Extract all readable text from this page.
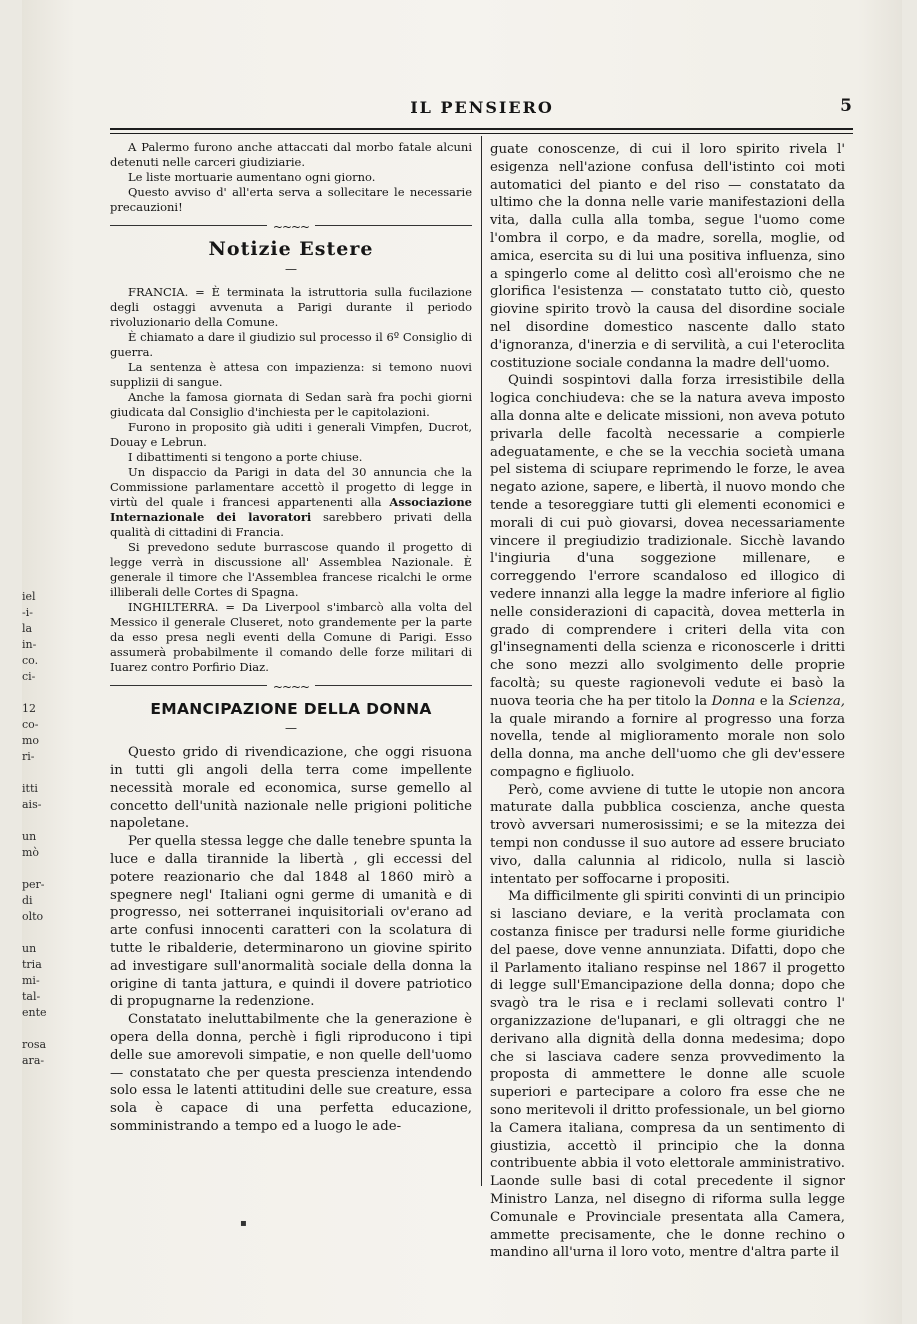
iel
-i-
la
in-
co.
ci-

12
co-
mo
ri-

itti
ais-

un
mò

per-
di
olto

un
tria
mi-
tal-
ente

rosa
ara-
IL PENSIERO	5

A Palermo furono anche attaccati dal morbo fatale alcuni detenuti nelle carceri giudiziarie.

Le liste mortuarie aumentano ogni giorno.

Questo avviso d' all'erta serva a sollecitare le necessarie precauzioni!

~~~~
Notizie Estere
—

FRANCIA. = È terminata la istruttoria sulla fucilazione degli ostaggi avvenuta a Parigi durante il periodo rivoluzionario della Comune.

È chiamato a dare il giudizio sul processo il 6º Consiglio di guerra.

La sentenza è attesa con impazienza: si temono nuovi supplizii di sangue.

Anche la famosa giornata di Sedan sarà fra pochi giorni giudicata dal Consiglio d'inchiesta per le capitolazioni.

Furono in proposito già uditi i generali Vimpfen, Ducrot, Douay e Lebrun.

I dibattimenti si tengono a porte chiuse.

Un dispaccio da Parigi in data del 30 annuncia che la Commissione parlamentare accettò il progetto di legge in virtù del quale i francesi appartenenti alla Associazione Internazionale dei lavoratori sarebbero privati della qualità di cittadini di Francia.

Si prevedono sedute burrascose quando il progetto di legge verrà in discussione all' Assemblea Nazionale. È generale il timore che l'Assemblea francese ricalchi le orme illiberali delle Cortes di Spagna.

INGHILTERRA. = Da Liverpool s'imbarcò alla volta del Messico il generale Cluseret, noto grandemente per la parte da esso presa negli eventi della Comune di Parigi. Esso assumerà probabilmente il comando delle forze militari di Iuarez contro Porfirio Diaz.

~~~~
EMANCIPAZIONE DELLA DONNA
—

Questo grido di rivendicazione, che oggi risuona in tutti gli angoli della terra come impellente necessità morale ed economica, surse gemello al concetto dell'unità nazionale nelle prigioni politiche napoletane.

Per quella stessa legge che dalle tenebre spunta la luce e dalla tirannide la libertà , gli eccessi del potere reazionario che dal 1848 al 1860 mirò a spegnere negl' Italiani ogni germe di umanità e di progresso, nei sotterranei inquisitoriali ov'erano ad arte confusi innocenti caratteri con la scolatura di tutte le ribalderie, determinarono un giovine spirito ad investigare sull'anormalità sociale della donna la origine di tanta jattura, e quindi il dovere patriotico di propugnarne la redenzione.

Constatato ineluttabilmente che la generazione è opera della donna, perchè i figli riproducono i tipi delle sue amorevoli simpatie, e non quelle dell'uomo — constatato che per questa prescienza intendendo solo essa le latenti attitudini delle sue creature, essa sola è capace di una perfetta educazione, somministrando a tempo ed a luogo le ade-

guate conoscenze, di cui il loro spirito rivela l' esigenza nell'azione confusa dell'istinto coi moti automatici del pianto e del riso — constatato da ultimo che la donna nelle varie manifestazioni della vita, dalla culla alla tomba, segue l'uomo come l'ombra il corpo, e da madre, sorella, moglie, od amica, esercita su di lui una positiva influenza, sino a spingerlo come al delitto così all'eroismo che ne glorifica l'esistenza — constatato tutto ciò, questo giovine spirito trovò la causa del disordine sociale nel disordine domestico nascente dallo stato d'ignoranza, d'inerzia e di servilità, a cui l'eteroclita costituzione sociale condanna la madre dell'uomo.

Quindi sospintovi dalla forza irresistibile della logica conchiudeva: che se la natura aveva imposto alla donna alte e delicate missioni, non aveva potuto privarla delle facoltà necessarie a compierle adeguatamente, e che se la vecchia società umana pel sistema di sciupare reprimendo le forze, le avea negato azione, sapere, e libertà, il nuovo mondo che tende a tesoreggiare tutti gli elementi economici e morali di cui può giovarsi, dovea necessariamente vincere il pregiudizio tradizionale. Sicchè lavando l'ingiuria d'una soggezione millenare, e correggendo l'errore scandaloso ed illogico di vedere innanzi alla legge la madre inferiore al figlio nelle considerazioni di capacità, dovea metterla in grado di comprendere i criteri della vita con gl'insegnamenti della scienza e riconoscerle i dritti che sono mezzi allo svolgimento delle proprie facoltà; su queste ragionevoli vedute ei basò la nuova teoria che ha per titolo la Donna e la Scienza, la quale mirando a fornire al progresso una forza novella, tende al miglioramento morale non solo della donna, ma anche dell'uomo che gli dev'essere compagno e figliuolo.

Però, come avviene di tutte le utopie non ancora maturate dalla pubblica coscienza, anche questa trovò avversari numerosissimi; e se la mitezza dei tempi non condusse il suo autore ad essere bruciato vivo, dalla calunnia al ridicolo, nulla si lasciò intentato per soffocarne i propositi.

Ma difficilmente gli spiriti convinti di un principio si lasciano deviare, e la verità proclamata con costanza finisce per tradursi nelle forme giuridiche del paese, dove venne annunziata. Difatti, dopo che il Parlamento italiano respinse nel 1867 il progetto di legge sull'Emancipazione della donna; dopo che svagò tra le risa e i reclami sollevati contro l' organizzazione de'lupanari, e gli oltraggi che ne derivano alla dignità della donna medesima; dopo che si lasciava cadere senza provvedimento la proposta di ammettere le donne alle scuole superiori e partecipare a coloro fra esse che ne sono meritevoli il dritto professionale, un bel giorno la Camera italiana, compresa da un sentimento di giustizia, accettò il principio che la donna contribuente abbia il voto elettorale amministrativo. Laonde sulle basi di cotal precedente il signor Ministro Lanza, nel disegno di riforma sulla legge Comunale e Provinciale presentata alla Camera, ammette precisamente, che le donne rechino o mandino all'urna il loro voto, mentre d'altra parte il

▪
